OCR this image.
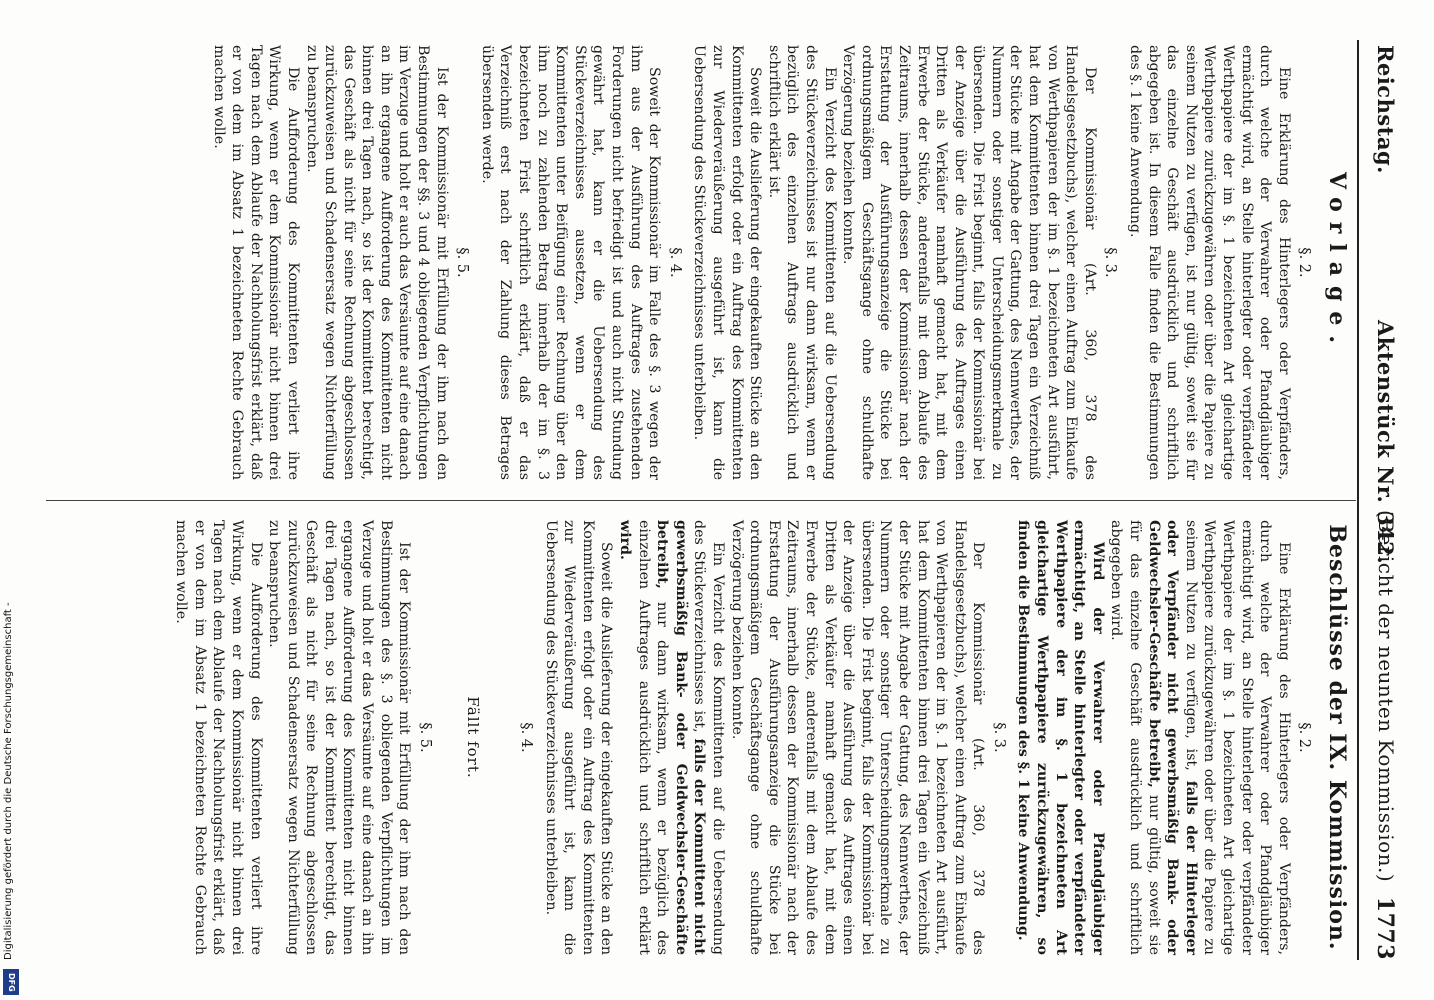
Reichstag.
Aktenstück Nr. 342.
(Bericht der neunten Kommission.)
1773
Vorlage.
§. 2.

Eine Erklärung des Hinterlegers oder Verpfänders, durch welche der Verwahrer oder Pfandgläubiger ermächtigt wird, an Stelle hinterlegter oder verpfändeter Werthpapiere der im §. 1 bezeichneten Art gleichartige Werthpapiere zurückzugewähren oder über die Papiere zu seinem Nutzen zu verfügen, ist nur gültig, soweit sie für das einzelne Geschäft ausdrücklich und schriftlich abgegeben ist. In diesem Falle finden die Bestimmungen des §. 1 keine Anwendung.

§. 3.

Der Kommissionär (Art. 360, 378 des Handelsgesetzbuchs), welcher einen Auftrag zum Einkaufe von Werthpapieren der im §. 1 bezeichneten Art ausführt, hat dem Kommittenten binnen drei Tagen ein Verzeichniß der Stücke mit Angabe der Gattung, des Nennwerthes, der Nummern oder sonstiger Unterscheidungsmerkmale zu übersenden. Die Frist beginnt, falls der Kommissionär bei der Anzeige über die Ausführung des Auftrages einen Dritten als Verkäufer namhaft gemacht hat, mit dem Erwerbe der Stücke, anderenfalls mit dem Ablaufe des Zeitraums, innerhalb dessen der Kommissionär nach der Erstattung der Ausführungsanzeige die Stücke bei ordnungsmäßigem Geschäftsgange ohne schuldhafte Verzögerung beziehen konnte.

Ein Verzicht des Kommittenten auf die Uebersendung des Stückeverzeichnisses ist nur dann wirksam, wenn er bezüglich des einzelnen Auftrags ausdrücklich und schriftlich erklärt ist.

Soweit die Auslieferung der eingekauften Stücke an den Kommittenten erfolgt oder ein Auftrag des Kommittenten zur Wiederveräußerung ausgeführt ist, kann die Uebersendung des Stückeverzeichnisses unterbleiben.

§. 4.

Soweit der Kommissionär im Falle des §. 3 wegen der ihm aus der Ausführung des Auftrages zustehenden Forderungen nicht befriedigt ist und auch nicht Stundung gewährt hat, kann er die Uebersendung des Stückeverzeichnisses aussetzen, wenn er dem Kommittenten unter Beifügung einer Rechnung über den ihm noch zu zahlenden Betrag innerhalb der im §. 3 bezeichneten Frist schriftlich erklärt, daß er das Verzeichniß erst nach der Zahlung dieses Betrages übersenden werde.

§. 5.

Ist der Kommissionär mit Erfüllung der ihm nach den Bestimmungen der §§. 3 und 4 obliegenden Verpflichtungen im Verzuge und holt er auch das Versäumte auf eine danach an ihn ergangene Aufforderung des Kommittenten nicht binnen drei Tagen nach, so ist der Kommittent berechtigt, das Geschäft als nicht für seine Rechnung abgeschlossen zurückzuweisen und Schadensersatz wegen Nichterfüllung zu beanspruchen.

Die Aufforderung des Kommittenten verliert ihre Wirkung, wenn er dem Kommissionär nicht binnen drei Tagen nach dem Ablaufe der Nachholungsfrist erklärt, daß er von dem im Absatz 1 bezeichneten Rechte Gebrauch machen wolle.

Beschlüsse der IX. Kommission.
§. 2.

Eine Erklärung des Hinterlegers oder Verpfänders, durch welche der Verwahrer oder Pfandgläubiger ermächtigt wird, an Stelle hinterlegter oder verpfändeter Werthpapiere der im §. 1 bezeichneten Art gleichartige Werthpapiere zurückzugewähren oder über die Papiere zu seinem Nutzen zu verfügen, ist, falls der Hinterleger oder Verpfänder nicht gewerbsmäßig Bank- oder Geldwechsler-Geschäfte betreibt, nur gültig, soweit sie für das einzelne Geschäft ausdrücklich und schriftlich abgegeben wird.

Wird der Verwahrer oder Pfandgläubiger ermächtigt, an Stelle hinterlegter oder verpfändeter Werthpapiere der im §. 1 bezeichneten Art gleichartige Werthpapiere zurückzugewähren, so finden die Bestimmungen des §. 1 keine Anwendung.

§. 3.

Der Kommissionär (Art. 360, 378 des Handelsgesetzbuchs), welcher einen Auftrag zum Einkaufe von Werthpapieren der im §. 1 bezeichneten Art ausführt, hat dem Kommittenten binnen drei Tagen ein Verzeichniß der Stücke mit Angabe der Gattung, des Nennwerthes, der Nummern oder sonstiger Unterscheidungsmerkmale zu übersenden. Die Frist beginnt, falls der Kommissionär bei der Anzeige über die Ausführung des Auftrages einen Dritten als Verkäufer namhaft gemacht hat, mit dem Erwerbe der Stücke, anderenfalls mit dem Ablaufe des Zeitraums, innerhalb dessen der Kommissionär nach der Erstattung der Ausführungsanzeige die Stücke bei ordnungsmäßigem Geschäftsgange ohne schuldhafte Verzögerung beziehen konnte.

Ein Verzicht des Kommittenten auf die Uebersendung des Stückeverzeichnisses ist, falls der Kommittent nicht gewerbsmäßig Bank- oder Geldwechsler-Geschäfte betreibt, nur dann wirksam, wenn er bezüglich des einzelnen Auftrages ausdrücklich und schriftlich erklärt wird.

Soweit die Auslieferung der eingekauften Stücke an den Kommittenten erfolgt oder ein Auftrag des Kommittenten zur Wiederveräußerung ausgeführt ist, kann die Uebersendung des Stückeverzeichnisses unterbleiben.

§. 4.
Fällt fort.
§. 5.

Ist der Kommissionär mit Erfüllung der ihm nach den Bestimmungen des §. 3 obliegenden Verpflichtungen im Verzuge und holt er das Versäumte auf eine danach an ihn ergangene Aufforderung des Kommittenten nicht binnen drei Tagen nach, so ist der Kommittent berechtigt, das Geschäft als nicht für seine Rechnung abgeschlossen zurückzuweisen und Schadensersatz wegen Nichterfüllung zu beanspruchen.

Die Aufforderung des Kommittenten verliert ihre Wirkung, wenn er dem Kommissionär nicht binnen drei Tagen nach dem Ablaufe der Nachholungsfrist erklärt, daß er von dem im Absatz 1 bezeichneten Rechte Gebrauch machen wolle.

Digitalisierung gefördert durch die Deutsche Forschungsgemeinschaft -
DFG
